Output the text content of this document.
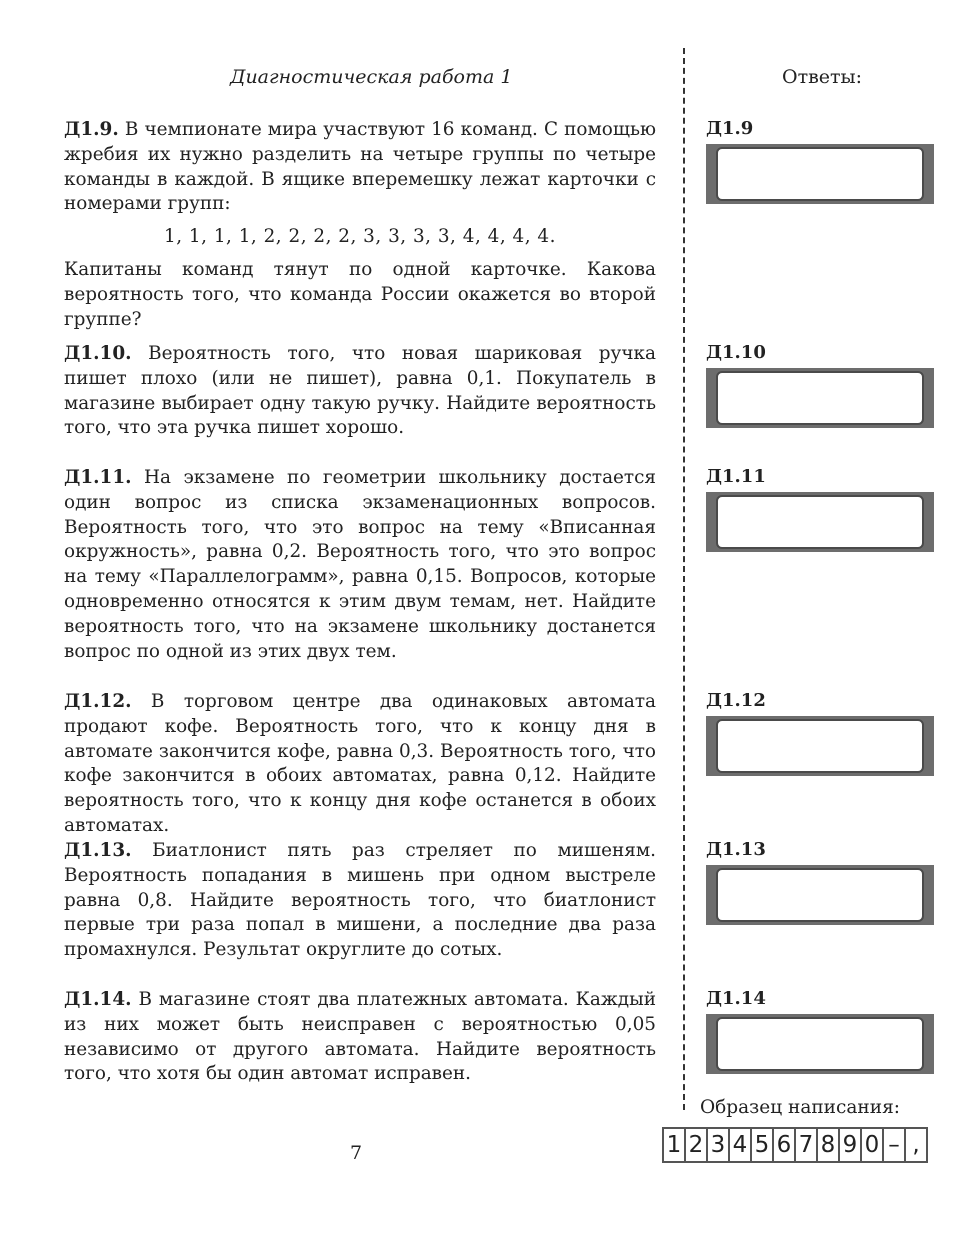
Диагностическая работа 1	Ответы:
Д1.9. В чемпионате мира участвуют 16 команд. С помощью жребия их нужно разделить на четыре группы по четыре команды в каждой. В ящике вперемешку лежат карточки с номерами групп:
1, 1, 1, 1, 2, 2, 2, 2, 3, 3, 3, 3, 4, 4, 4, 4.
Капитаны команд тянут по одной карточке. Какова вероятность того, что команда России окажется во второй группе?
Д1.10. Вероятность того, что новая шариковая ручка пишет плохо (или не пишет), равна 0,1. Покупатель в магазине выбирает одну такую ручку. Найдите вероятность того, что эта ручка пишет хорошо.
Д1.11. На экзамене по геометрии школьнику достается один вопрос из списка экзаменационных вопросов. Вероятность того, что это вопрос на тему «Вписанная окружность», равна 0,2. Вероятность того, что это вопрос на тему «Параллелограмм», равна 0,15. Вопросов, которые одновременно относятся к этим двум темам, нет. Найдите вероятность того, что на экзамене школьнику достанется вопрос по одной из этих двух тем.
Д1.12. В торговом центре два одинаковых автомата продают кофе. Вероятность того, что к концу дня в автомате закончится кофе, равна 0,3. Вероятность того, что кофе закончится в обоих автоматах, равна 0,12. Найдите вероятность того, что к концу дня кофе останется в обоих автоматах.
Д1.13. Биатлонист пять раз стреляет по мишеням. Вероятность попадания в мишень при одном выстреле равна 0,8. Найдите вероятность того, что биатлонист первые три раза попал в мишени, а последние два раза промахнулся. Результат округлите до сотых.
Д1.14. В магазине стоят два платежных автомата. Каждый из них может быть неисправен с вероятностью 0,05 независимо от другого автомата. Найдите вероятность того, что хотя бы один автомат исправен.
Д1.9
Д1.10
Д1.11
Д1.12
Д1.13
Д1.14
Образец написания:
1 2 3 4 5 6 7 8 9 0 – ,
7
